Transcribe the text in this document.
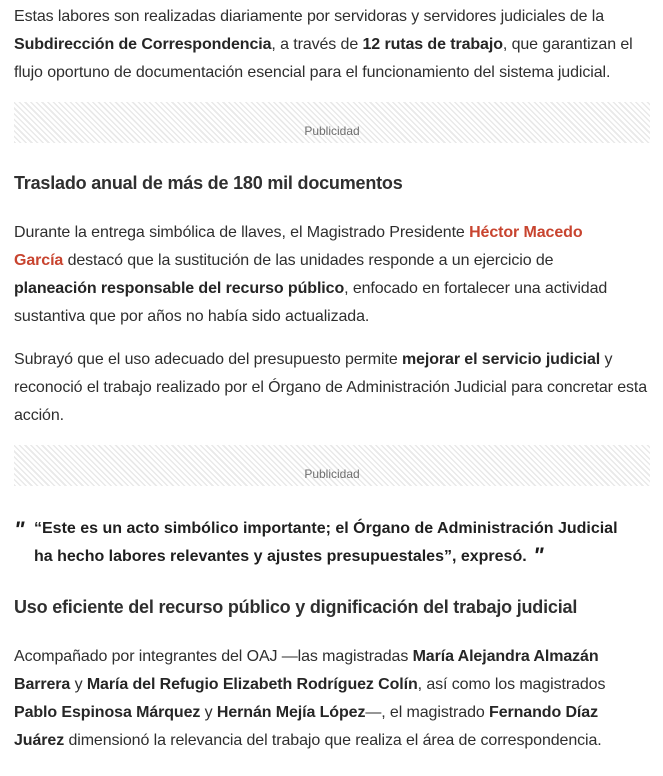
Estas labores son realizadas diariamente por servidoras y servidores judiciales de la Subdirección de Correspondencia, a través de 12 rutas de trabajo, que garantizan el flujo oportuno de documentación esencial para el funcionamiento del sistema judicial.

Publicidad
Traslado anual de más de 180 mil documentos

Durante la entrega simbólica de llaves, el Magistrado Presidente Héctor Macedo García destacó que la sustitución de las unidades responde a un ejercicio de planeación responsable del recurso público, enfocado en fortalecer una actividad sustantiva que por años no había sido actualizada.

Subrayó que el uso adecuado del presupuesto permite mejorar el servicio judicial y reconoció el trabajo realizado por el Órgano de Administración Judicial para concretar esta acción.

Publicidad
" “Este es un acto simbólico importante; el Órgano de Administración Judicial ha hecho labores relevantes y ajustes presupuestales”, expresó. "

Uso eficiente del recurso público y dignificación del trabajo judicial

Acompañado por integrantes del OAJ —las magistradas María Alejandra Almazán Barrera y María del Refugio Elizabeth Rodríguez Colín, así como los magistrados Pablo Espinosa Márquez y Hernán Mejía López—, el magistrado Fernando Díaz Juárez dimensionó la relevancia del trabajo que realiza el área de correspondencia.
